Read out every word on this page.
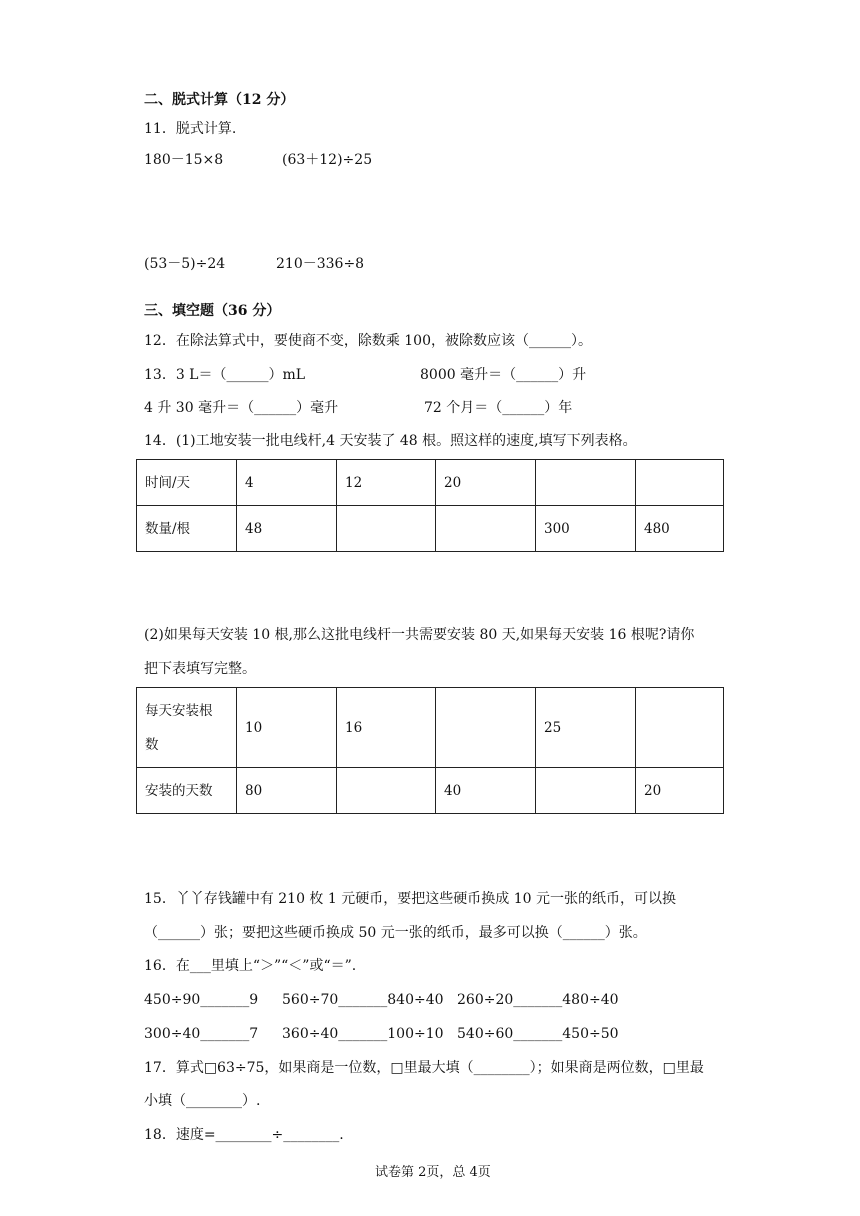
二、脱式计算（12 分）
11．脱式计算.
180－15×8	(63＋12)÷25
(53－5)÷24	210－336÷8
三、填空题（36 分）
12．在除法算式中，要使商不变，除数乘 100，被除数应该（______）。
13．3 L＝（______）mL	8000 毫升＝（______）升
4 升 30 毫升＝（______）毫升	72 个月＝（______）年
14．(1)工地安装一批电线杆,4 天安装了 48 根。照这样的速度,填写下列表格。
时间/天	4	12	20		
数量/根	48			300	480
(2)如果每天安装 10 根,那么这批电线杆一共需要安装 80 天,如果每天安装 16 根呢?请你
把下表填写完整。
每天安装根
数	10	16		25	
安装的天数	80		40		20
15．丫丫存钱罐中有 210 枚 1 元硬币，要把这些硬币换成 10 元一张的纸币，可以换
（______）张；要把这些硬币换成 50 元一张的纸币，最多可以换（______）张。
16．在___里填上“＞”“＜”或“＝”.
450÷90_______9 560÷70_______840÷40 260÷20_______480÷40
300÷40_______7 360÷40_______100÷10 540÷60_______450÷50
17．算式□63÷75，如果商是一位数，□里最大填（________）；如果商是两位数，□里最
小填（________）.
18．速度=________÷________.
试卷第 2页，总 4页
